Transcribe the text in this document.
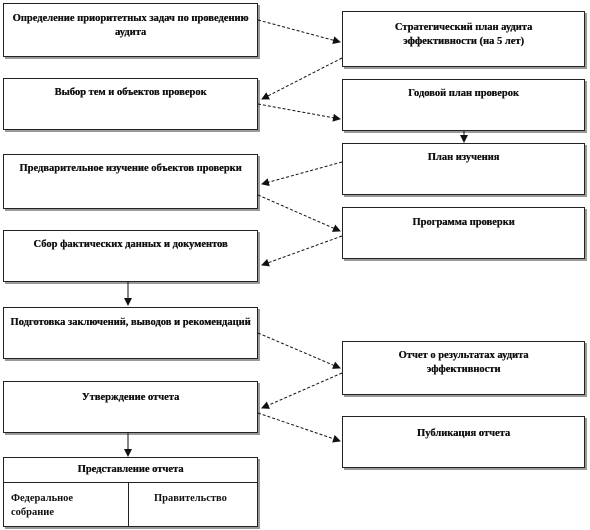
Определение приоритетных задач по проведению аудита
Выбор тем и объектов проверок
Предварительное изучение объектов проверки
Сбор фактических данных и документов
Подготовка заключений, выводов и рекомендаций
Утверждение отчета
Представление отчета
Федеральное собрание
Правительство
Стратегический план аудита эффективности (на 5 лет)
Годовой план проверок
План изучения
Программа проверки
Отчет о результатах аудита эффективности
Публикация отчета
